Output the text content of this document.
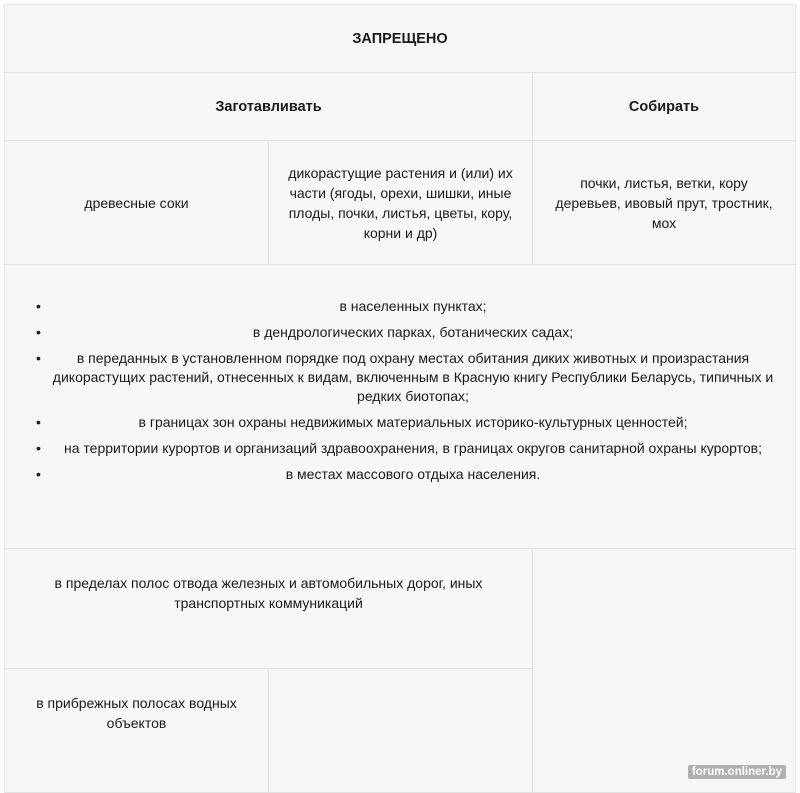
ЗАПРЕЩЕНО
Заготавливать	Собирать
древесные соки
дикорастущие растения и (или) их части (ягоды, орехи, шишки, иные плоды, почки, листья, цветы, кору, корни и др)
почки, листья, ветки, кору деревьев, ивовый прут, тростник, мох
• в населенных пунктах;
• в дендрологических парках, ботанических садах;
• в переданных в установленном порядке под охрану местах обитания диких животных и произрастания дикорастущих растений, отнесенных к видам, включенным в Красную книгу Республики Беларусь, типичных и редких биотопах;
• в границах зон охраны недвижимых материальных историко-культурных ценностей;
• на территории курортов и организаций здравоохранения, в границах округов санитарной охраны курортов;
• в местах массового отдыха населения.
в пределах полос отвода железных и автомобильных дорог, иных транспортных коммуникаций
в прибрежных полосах водных объектов
forum.onliner.by
